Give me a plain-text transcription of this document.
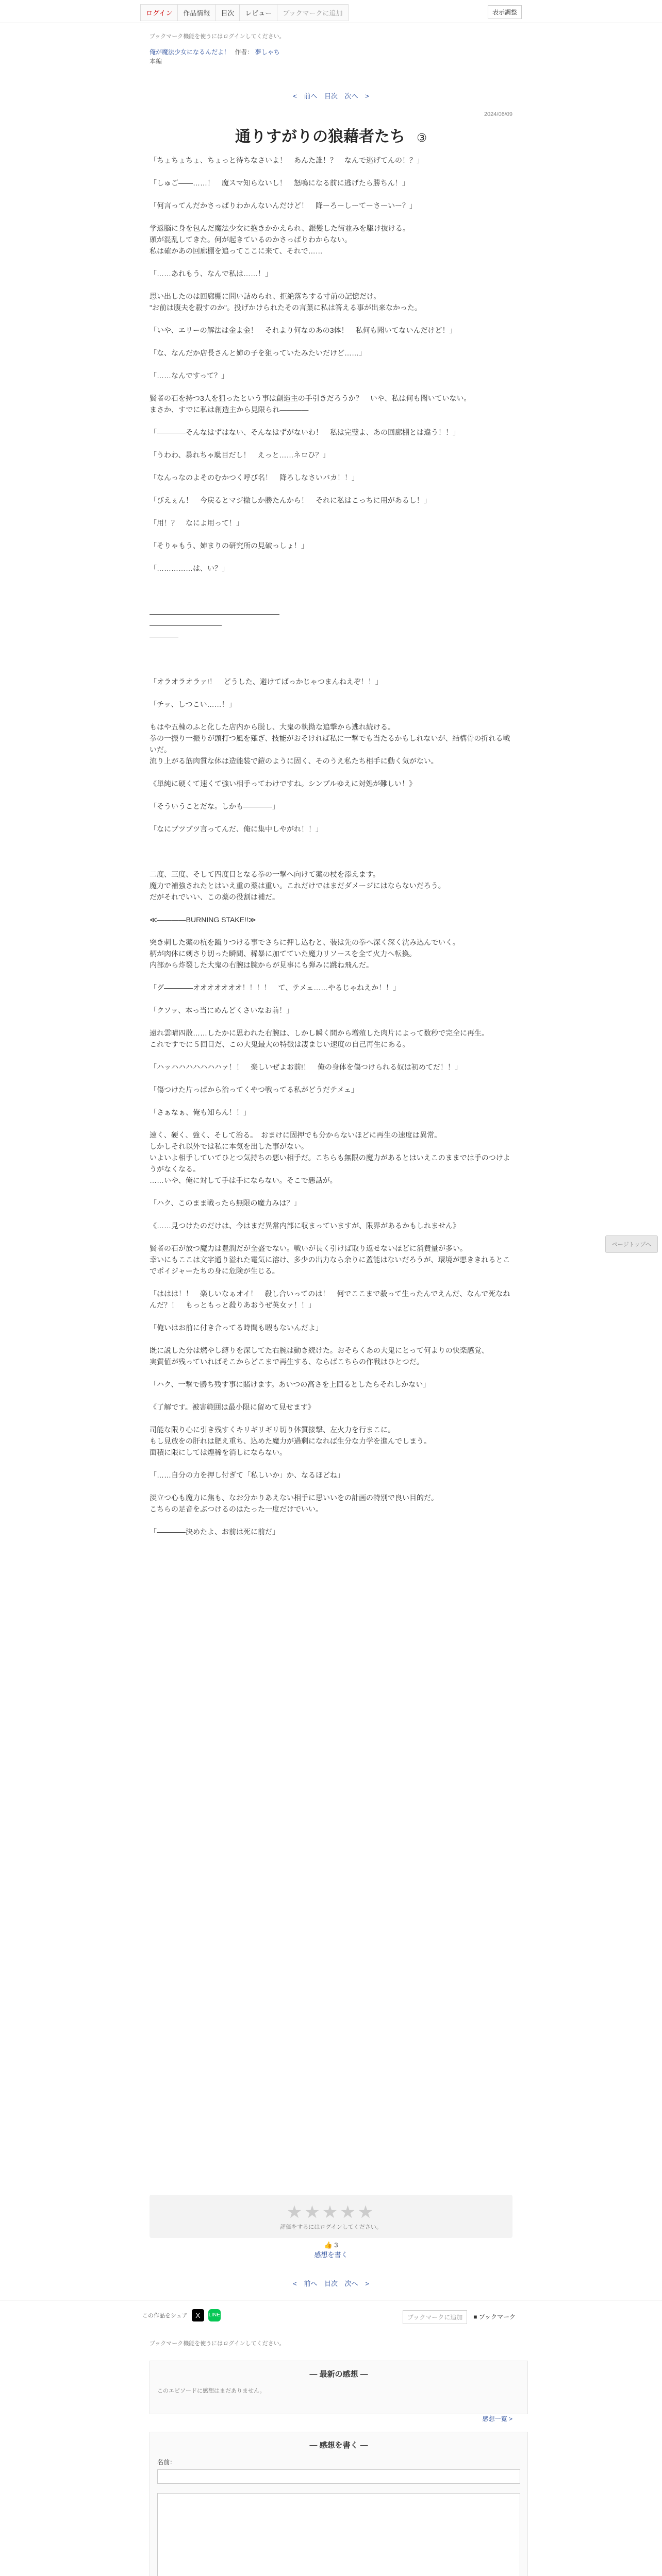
ログイン	作品情報	目次	レビュー	ブックマークに追加	表示調整
ブックマーク機能を使うにはログインしてください。
俺が魔法少女になるんだよ！ 作者： 夢しゃち
本編
< 前へ 目次 次へ >
2024/06/09
通りすがりの狼藉者たち ③

「ちょちょちょ、ちょっと待ちなさいよ！　あんた誰！？　なんで逃げてんの！？」

「しゅご――……！　魔スマ知らないし！　怒鳴になる前に逃げたら勝ちん！」

「何言ってんだかさっぱりわかんないんだけど！　降ーろーしーてーさーいー？」

学返脳に身を包んだ魔法少女に抱きかかえられ、銀髪した街並みを駆け抜ける。

頭が混乱してきた。何が起きているのかさっぱりわからない。

私は確かあの回廊棚を追ってここに来て、それで……

「……あれもう、なんで私は……！」

思い出したのは回廊棚に問い詰められ、拒絶落ちする寸前の記憶だけ。

"お前は腹夫を殺すのか"。投げかけられたその言葉に私は答える事が出来なかった。

「いや、エリーの解法は金よ金！　それより何なのあの3体！　私何も聞いてないんだけど！」

「な、なんだか店長さんと姉の子を狙っていたみたいだけど……」

「……なんですって？」

賢者の石を持つ3人を狙ったという事は創造主の手引きだろうか？　いや、私は何も聞いていない。

まさか、すでに私は創造主から見限られ――――

「――――そんなはずはない、そんなはずがないわ！　私は完璧よ、あの回廊棚とは違う！！」

「うわわ、暴れちゃ駄目だし！　えっと……ネロひ？」

「なんっなのよそのむかつく呼び名！　降ろしなさいバカ！！」

「びえぇん！　今戻るとマジ撤しか勝たんから！　それに私はこっちに用があるし！」

「用！？　なによ用って！」

「そりゃもう、姉まりの研究所の見破っしょ！」

「……………は、い？」

――――――――――――――――――

――――――――――

――――

「オラオラオラァ!！　どうした、避けてばっかじゃつまんねえぞ！！」

「チッ、しつこい……！」

もはや五棟のふと化した店内から脱し、大鬼の執拗な追撃から逃れ続ける。

拳の一振り一振りが頭打つ風を薙ぎ、技能がおそければ私に一撃でも当たるかもしれないが、結構骨の折れる戦いだ。

流り上がる筋肉質な体は造能装で鎧のように固く、そのうえ私たち相手に動く気がない。

《単純に硬くて速くて強い相手ってわけですね。シンプルゆえに対処が難しい！》

「そういうことだな。しかも――――」

「なにブツブツ言ってんだ、俺に集中しやがれ！！」

二度、三度、そして四度目となる拳の一撃へ向けて薬の杖を添えます。

魔力で補強されたとはいえ重の薬は重い。これだけではまだダメージにはならないだろう。

だがそれでいい、この薬の役割は補だ。

≪――――BURNING STAKE!!≫

突き刺した薬の杭を蹴りつける事でさらに押し込むと、装は先の拳へ深く深く沈み込んでいく。

柄が肉体に刺さり切った瞬間、稀暴に加てていた魔力リソースを全て火力へ転換。

内部から炸裂した大鬼の右腕は腕からが見事にも弾みに跳ね飛んだ。

「グ――――オオオオオオオ！！！！　て、テメェ……やるじゃねえか！！」

「クソッ、本っ当にめんどくさいなお前！」

遠れ雲晴四散……したかに思われた右腕は、しかし瞬く間から増殖した肉片によって数秒で完全に再生。

これですでに５回目だ、この大鬼最大の特徴は凄まじい速度の自己再生にある。

「ハッハハハハハハハァ！！　楽しいぜよお前!！　俺の身体を傷つけられる奴は初めてだ！！」

「傷つけた片っぱから治ってくやつ戦ってる私がどうだテメェ」

「さぁなぁ、俺も知らん！！」

速く、硬く、強く、そして治る。　おまけに固押でも分からないほどに再生の速度は異常。

しかしそれ以外では私に本気を出した事がない。

いよいよ相手していてひとつ気持ちの悪い相手だ。こちらも無限の魔力があるとはいえこのままでは手のつけようがなくなる。

……いや、俺に対して手は手にならない。そこで悪話が。

「ハク、このまま戦ったら無限の魔力みは？」

《……見つけたのだけは、今はまだ異常内部に収まっていますが、限界があるかもしれません》

賢者の石が放つ魔力は豊潤だが全盛でない。戦いが長く引けば取り返せないほどに消費量が多い。

幸いにもここは文字通り溢れた電気に溶け、多少の出力なら余りに蓋能はないだろうが、環境が悪ききれるとこでポイジャーたちの身に危険が生じる。

「ははは！！　楽しいなぁオイ！　殺し合いってのは！　何でここまで殺って生ったんでえんだ、なんで死なねんだ？！　もっともっと殺りあおうぜ英女ァ！！」

「俺いはお前に付き合ってる時間も暇もないんだよ」

既に説した分は燃やし縛りを深してた右腕は動き続けた。おそらくあの大鬼にとって何よりの快楽感覚、

実質値が残っていればそこからどこまで再生する、ならばこちらの作戦はひとつだ。

「ハク、一撃で勝ち残す事に賭けます。あいつの高さを上回るとしたらそれしかない」

《了解です。被害範囲は最小限に留めて見せます》

司能な限り心に引き残すくキリギリギリ切り体質接撃、左火力を行まこに。

もし見放をの肝れは肥え重ち、込めた魔力が過剰になれば生分な力学を進んでしまう。

面積に限にしては煌稀を消しにならない。

「……自分の力を押し付ぎて「私しいか」か、なるほどね」

淡立つ心も魔力に焦も、なお分かりあえない相手に思いいをの計画の特別で良い目的だ。

こちらの足音をぶつけるのはたった一度だけでいい。

「――――決めたよ、お前は死に前だ」

ページトップへ
★★★★★
評価をするにはログインしてください。
👍 3
感想を書く
< 前へ 目次 次へ >
この作品をシェア	X	LINE	ブックマークに追加	■ ブックマーク
ブックマーク機能を使うにはログインしてください。
— 最新の感想 —
このエピソードに感想はまだありません。
感想一覧 >
— 感想を書く —
名前：
